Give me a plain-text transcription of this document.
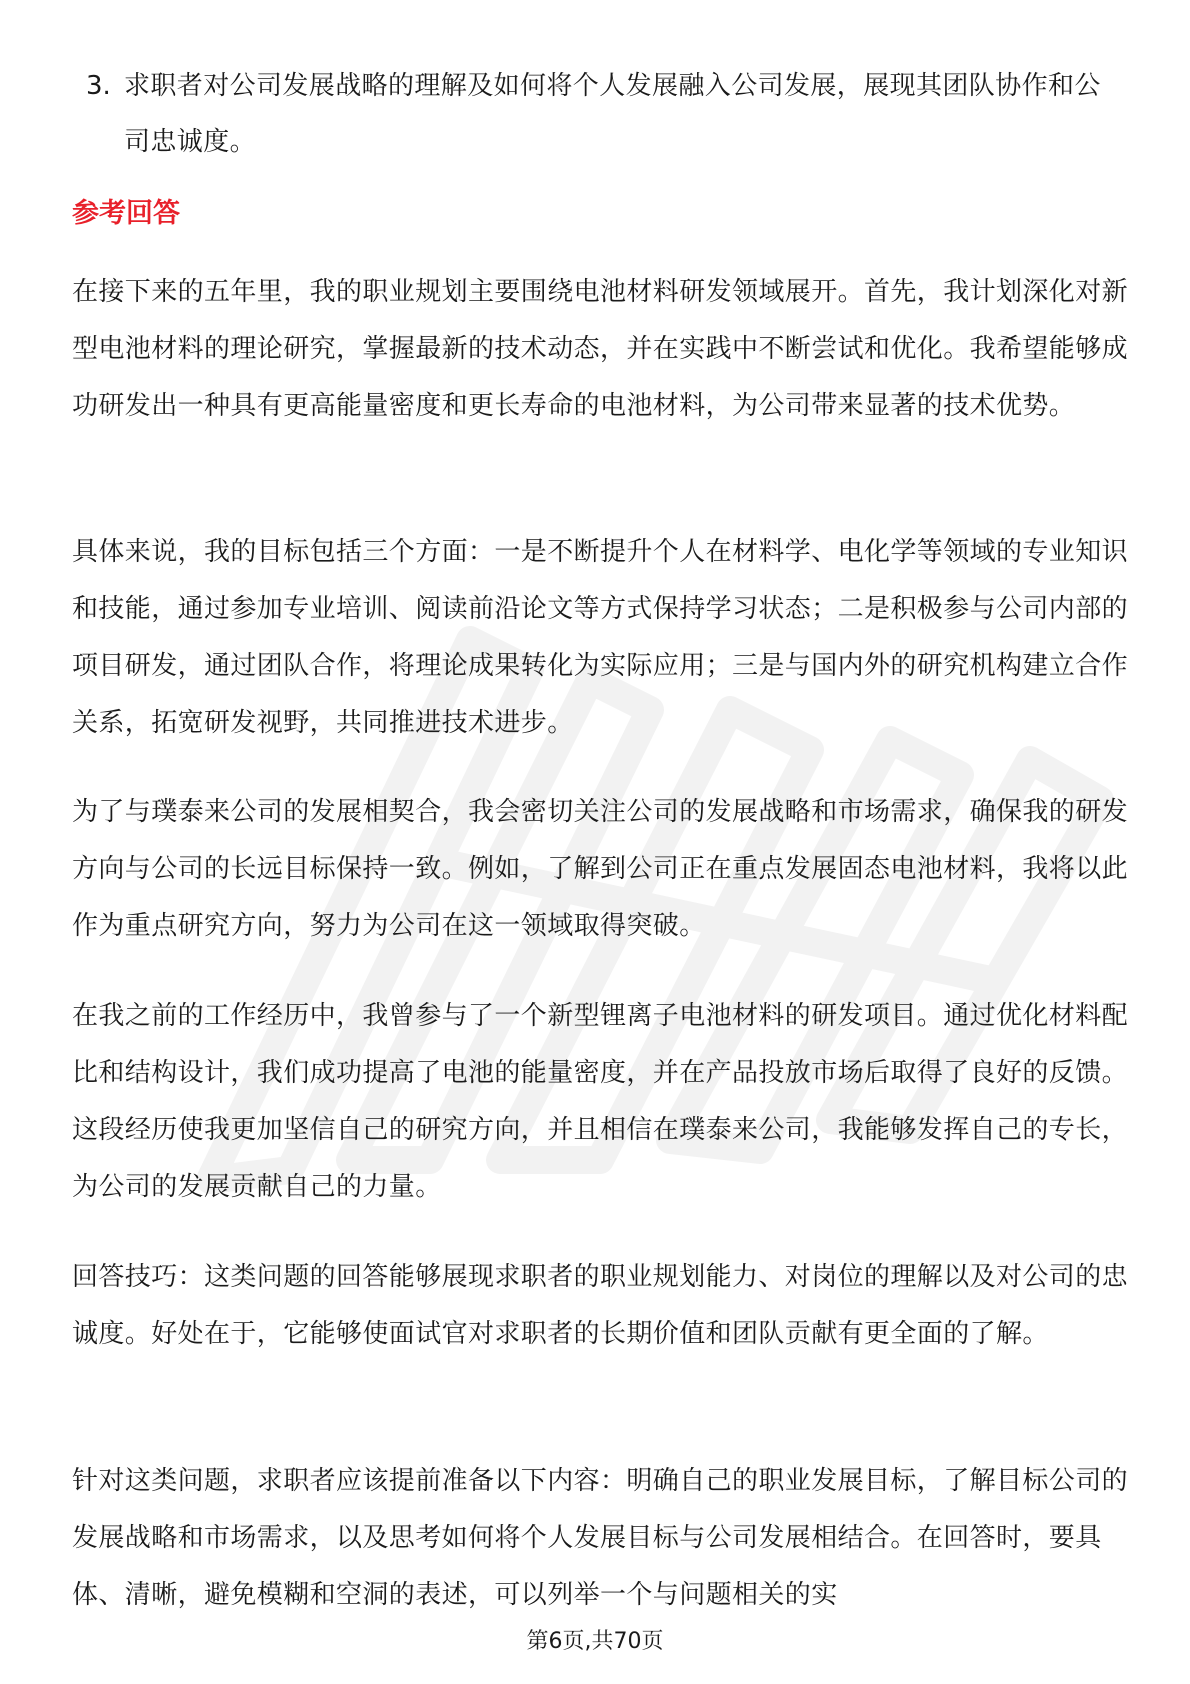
3. 求职者对公司发展战略的理解及如何将个人发展融入公司发展，展现其团队协作和公司忠诚度。
参考回答

在接下来的五年里，我的职业规划主要围绕电池材料研发领域展开。首先，我计划深化对新型电池材料的理论研究，掌握最新的技术动态，并在实践中不断尝试和优化。我希望能够成功研发出一种具有更高能量密度和更长寿命的电池材料，为公司带来显著的技术优势。

具体来说，我的目标包括三个方面：一是不断提升个人在材料学、电化学等领域的专业知识和技能，通过参加专业培训、阅读前沿论文等方式保持学习状态；二是积极参与公司内部的项目研发，通过团队合作，将理论成果转化为实际应用；三是与国内外的研究机构建立合作关系，拓宽研发视野，共同推进技术进步。

为了与璞泰来公司的发展相契合，我会密切关注公司的发展战略和市场需求，确保我的研发方向与公司的长远目标保持一致。例如，了解到公司正在重点发展固态电池材料，我将以此作为重点研究方向，努力为公司在这一领域取得突破。

在我之前的工作经历中，我曾参与了一个新型锂离子电池材料的研发项目。通过优化材料配比和结构设计，我们成功提高了电池的能量密度，并在产品投放市场后取得了良好的反馈。这段经历使我更加坚信自己的研究方向，并且相信在璞泰来公司，我能够发挥自己的专长，为公司的发展贡献自己的力量。

回答技巧：这类问题的回答能够展现求职者的职业规划能力、对岗位的理解以及对公司的忠诚度。好处在于，它能够使面试官对求职者的长期价值和团队贡献有更全面的了解。

针对这类问题，求职者应该提前准备以下内容：明确自己的职业发展目标，了解目标公司的发展战略和市场需求，以及思考如何将个人发展目标与公司发展相结合。在回答时，要具体、清晰，避免模糊和空洞的表述，可以列举一个与问题相关的实

第6页,共70页
